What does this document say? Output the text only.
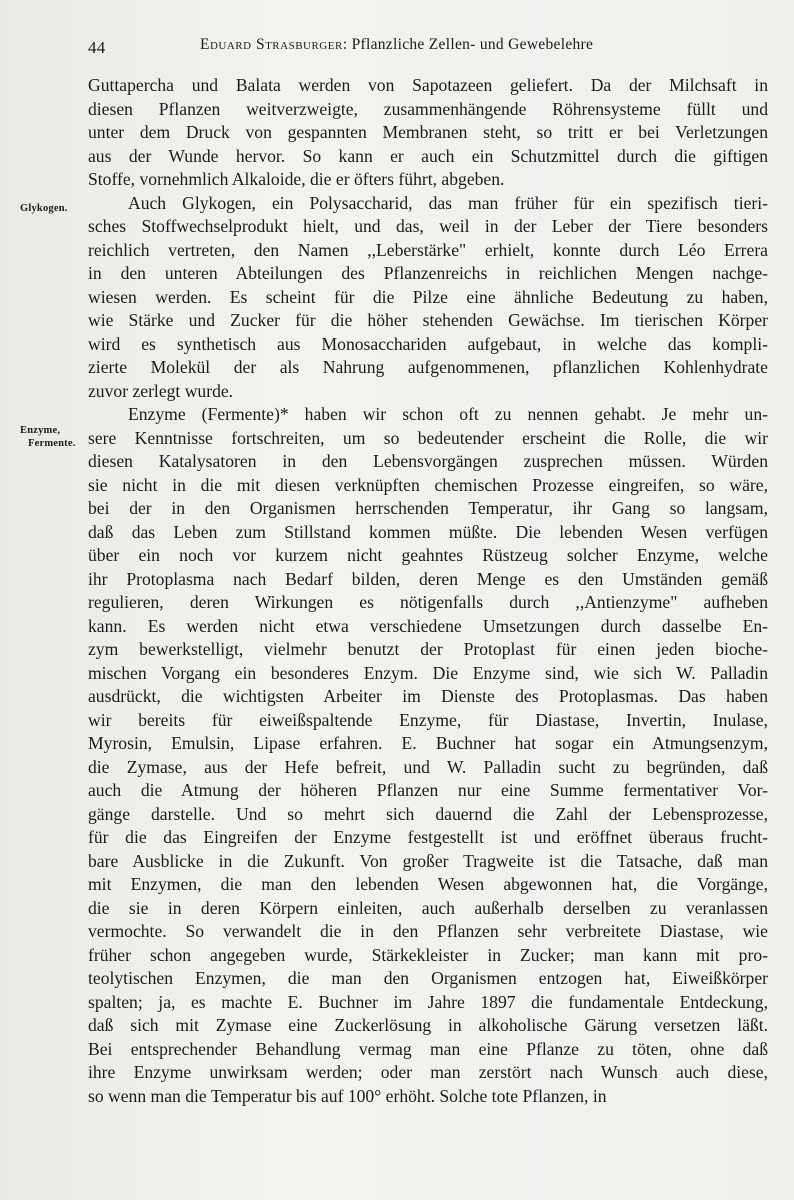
44	Eduard Strasburger: Pflanzliche Zellen- und Gewebelehre
Glykogen.
Enzyme,
Fermente.
Guttapercha und Balata werden von Sapotazeen geliefert. Da der Milchsaft in
diesen Pflanzen weitverzweigte, zusammenhängende Röhrensysteme füllt und
unter dem Druck von gespannten Membranen steht, so tritt er bei Verletzungen
aus der Wunde hervor. So kann er auch ein Schutzmittel durch die giftigen
Stoffe, vornehmlich Alkaloide, die er öfters führt, abgeben.
Auch Glykogen, ein Polysaccharid, das man früher für ein spezifisch tieri-
sches Stoffwechselprodukt hielt, und das, weil in der Leber der Tiere besonders
reichlich vertreten, den Namen ,,Leberstärke" erhielt, konnte durch Léo Errera
in den unteren Abteilungen des Pflanzenreichs in reichlichen Mengen nachge-
wiesen werden. Es scheint für die Pilze eine ähnliche Bedeutung zu haben,
wie Stärke und Zucker für die höher stehenden Gewächse. Im tierischen Körper
wird es synthetisch aus Monosacchariden aufgebaut, in welche das kompli-
zierte Molekül der als Nahrung aufgenommenen, pflanzlichen Kohlenhydrate
zuvor zerlegt wurde.
Enzyme (Fermente)* haben wir schon oft zu nennen gehabt. Je mehr un-
sere Kenntnisse fortschreiten, um so bedeutender erscheint die Rolle, die wir
diesen Katalysatoren in den Lebensvorgängen zusprechen müssen. Würden
sie nicht in die mit diesen verknüpften chemischen Prozesse eingreifen, so wäre,
bei der in den Organismen herrschenden Temperatur, ihr Gang so langsam,
daß das Leben zum Stillstand kommen müßte. Die lebenden Wesen verfügen
über ein noch vor kurzem nicht geahntes Rüstzeug solcher Enzyme, welche
ihr Protoplasma nach Bedarf bilden, deren Menge es den Umständen gemäß
regulieren, deren Wirkungen es nötigenfalls durch ,,Antienzyme" aufheben
kann. Es werden nicht etwa verschiedene Umsetzungen durch dasselbe En-
zym bewerkstelligt, vielmehr benutzt der Protoplast für einen jeden bioche-
mischen Vorgang ein besonderes Enzym. Die Enzyme sind, wie sich W. Palladin
ausdrückt, die wichtigsten Arbeiter im Dienste des Protoplasmas. Das haben
wir bereits für eiweißspaltende Enzyme, für Diastase, Invertin, Inulase,
Myrosin, Emulsin, Lipase erfahren. E. Buchner hat sogar ein Atmungsenzym,
die Zymase, aus der Hefe befreit, und W. Palladin sucht zu begründen, daß
auch die Atmung der höheren Pflanzen nur eine Summe fermentativer Vor-
gänge darstelle. Und so mehrt sich dauernd die Zahl der Lebensprozesse,
für die das Eingreifen der Enzyme festgestellt ist und eröffnet überaus frucht-
bare Ausblicke in die Zukunft. Von großer Tragweite ist die Tatsache, daß man
mit Enzymen, die man den lebenden Wesen abgewonnen hat, die Vorgänge,
die sie in deren Körpern einleiten, auch außerhalb derselben zu veranlassen
vermochte. So verwandelt die in den Pflanzen sehr verbreitete Diastase, wie
früher schon angegeben wurde, Stärkekleister in Zucker; man kann mit pro-
teolytischen Enzymen, die man den Organismen entzogen hat, Eiweißkörper
spalten; ja, es machte E. Buchner im Jahre 1897 die fundamentale Entdeckung,
daß sich mit Zymase eine Zuckerlösung in alkoholische Gärung versetzen läßt.
Bei entsprechender Behandlung vermag man eine Pflanze zu töten, ohne daß
ihre Enzyme unwirksam werden; oder man zerstört nach Wunsch auch diese,
so wenn man die Temperatur bis auf 100° erhöht. Solche tote Pflanzen, in
